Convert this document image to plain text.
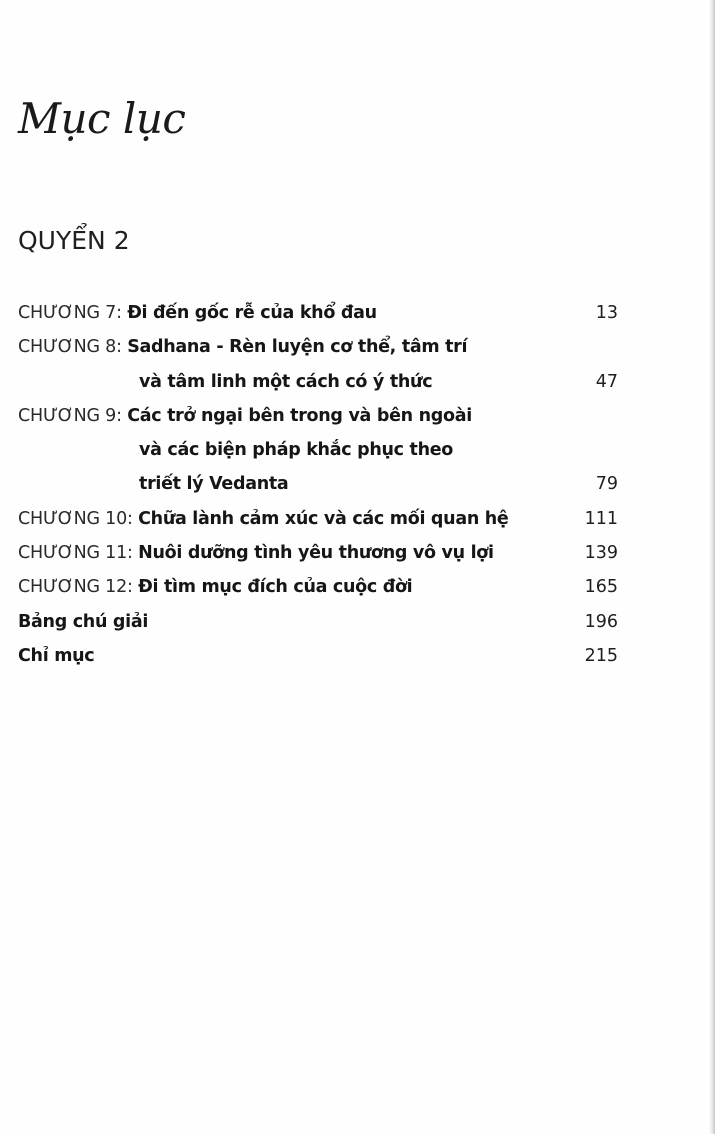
Mục lục
QUYỂN 2
CHƯƠNG 7: Đi đến gốc rễ của khổ đau	13
CHƯƠNG 8: Sadhana - Rèn luyện cơ thể, tâm trí
và tâm linh một cách có ý thức	47
CHƯƠNG 9: Các trở ngại bên trong và bên ngoài
và các biện pháp khắc phục theo
triết lý Vedanta	79
CHƯƠNG 10: Chữa lành cảm xúc và các mối quan hệ	111
CHƯƠNG 11: Nuôi dưỡng tình yêu thương vô vụ lợi	139
CHƯƠNG 12: Đi tìm mục đích của cuộc đời	165
Bảng chú giải	196
Chỉ mục	215
